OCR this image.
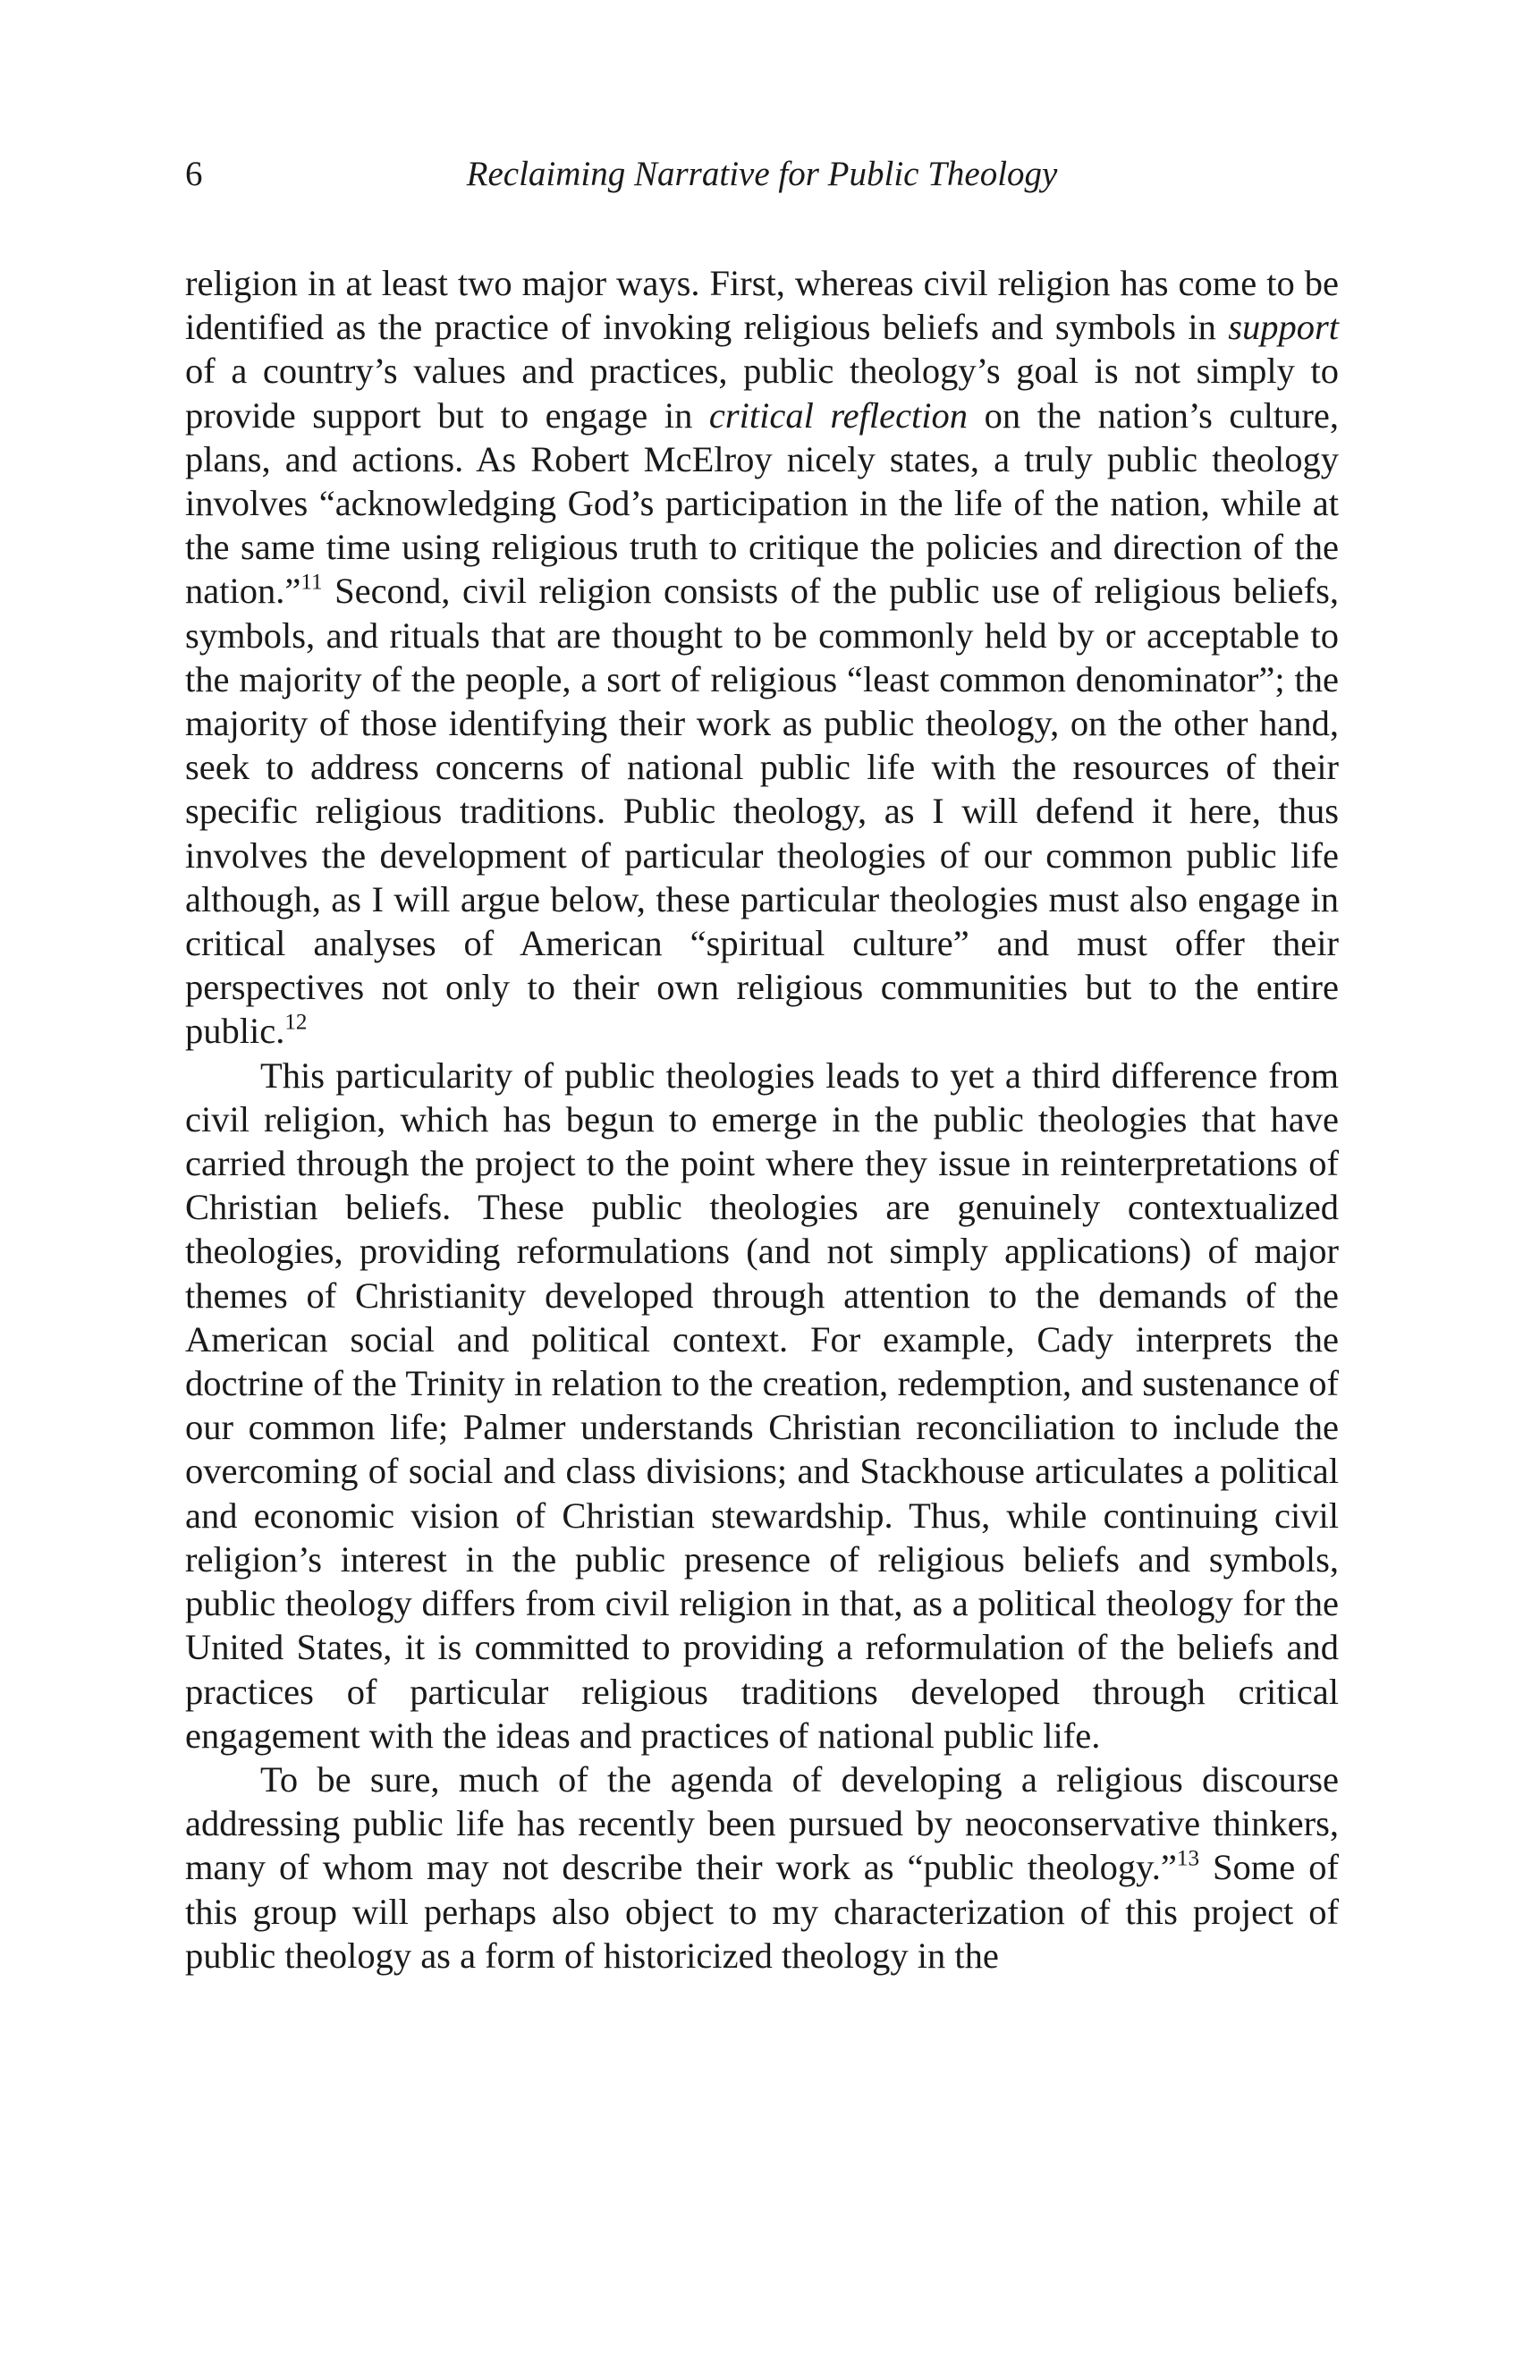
6	Reclaiming Narrative for Public Theology

religion in at least two major ways. First, whereas civil religion has come to be identified as the practice of invoking religious beliefs and symbols in support of a country’s values and practices, public theology’s goal is not simply to provide support but to engage in critical reflection on the nation’s culture, plans, and actions. As Robert McElroy nicely states, a truly public theology involves “acknowledging God’s participation in the life of the nation, while at the same time using religious truth to critique the policies and direction of the nation.”$^{11}$ Second, civil religion consists of the public use of religious beliefs, symbols, and rituals that are thought to be commonly held by or acceptable to the majority of the people, a sort of religious “least common denominator”; the majority of those identifying their work as public theology, on the other hand, seek to address concerns of national public life with the resources of their specific religious traditions. Public theology, as I will defend it here, thus involves the development of particular theologies of our common public life although, as I will argue below, these particular theologies must also engage in critical analyses of American “spiritual culture” and must offer their perspectives not only to their own religious communities but to the entire public.$^{12}$

This particularity of public theologies leads to yet a third difference from civil religion, which has begun to emerge in the public theologies that have carried through the project to the point where they issue in reinterpretations of Christian beliefs. These public theologies are genuinely contextualized theologies, providing reformulations (and not simply applications) of major themes of Christianity developed through attention to the demands of the American social and political context. For example, Cady interprets the doctrine of the Trinity in relation to the creation, redemption, and sustenance of our common life; Palmer understands Christian reconciliation to include the overcoming of social and class divisions; and Stackhouse articulates a political and economic vision of Christian stewardship. Thus, while continuing civil religion’s interest in the public presence of religious beliefs and symbols, public theology differs from civil religion in that, as a political theology for the United States, it is committed to providing a reformulation of the beliefs and practices of particular religious traditions developed through critical engagement with the ideas and practices of national public life.

To be sure, much of the agenda of developing a religious discourse addressing public life has recently been pursued by neoconservative thinkers, many of whom may not describe their work as “public theology.”$^{13}$ Some of this group will perhaps also object to my characterization of this project of public theology as a form of historicized theology in the
